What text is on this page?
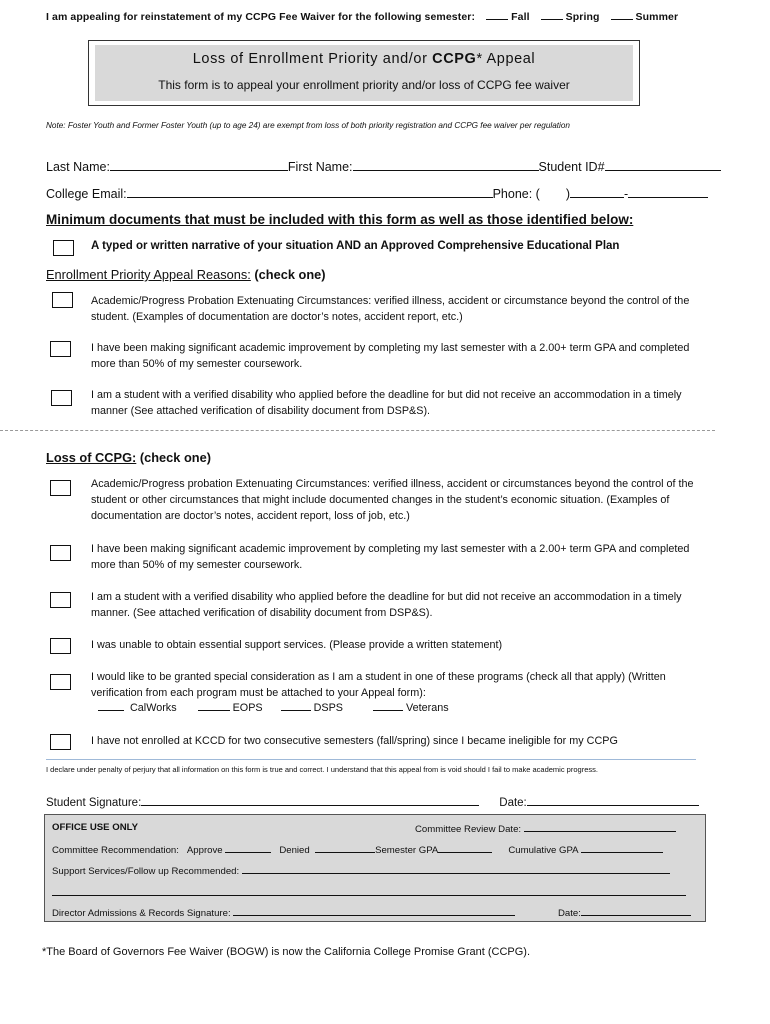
I am appealing for reinstatement of my CCPG Fee Waiver for the following semester:	Fall	Spring	Summer
Loss of Enrollment Priority and/or CCPG* Appeal
This form is to appeal your enrollment priority and/or loss of CCPG fee waiver
Note: Foster Youth and Former Foster Youth (up to age 24) are exempt from loss of both priority registration and CCPG fee waiver per regulation
Last Name:	First Name:	Student ID#
College Email:	Phone: ( )	-
Minimum documents that must be included with this form as well as those identified below:
A typed or written narrative of your situation AND an Approved Comprehensive Educational Plan
Enrollment Priority Appeal Reasons: (check one)
Academic/Progress Probation Extenuating Circumstances: verified illness, accident or circumstance beyond the control of the student. (Examples of documentation are doctor’s notes, accident report, etc.)
I have been making significant academic improvement by completing my last semester with a 2.00+ term GPA and completed more than 50% of my semester coursework.
I am a student with a verified disability who applied before the deadline for but did not receive an accommodation in a timely manner (See attached verification of disability document from DSP&S).
Loss of CCPG: (check one)
Academic/Progress probation Extenuating Circumstances: verified illness, accident or circumstances beyond the control of the student or other circumstances that might include documented changes in the student’s economic situation. (Examples of documentation are doctor’s notes, accident report, loss of job, etc.)
I have been making significant academic improvement by completing my last semester with a 2.00+ term GPA and completed more than 50% of my semester coursework.
I am a student with a verified disability who applied before the deadline for but did not receive an accommodation in a timely manner. (See attached verification of disability document from DSP&S).
I was unable to obtain essential support services. (Please provide a written statement)
I would like to be granted special consideration as I am a student in one of these programs (check all that apply) (Written verification from each program must be attached to your Appeal form):
CalWorks	EOPS	DSPS	Veterans
I have not enrolled at KCCD for two consecutive semesters (fall/spring) since I became ineligible for my CCPG
I declare under penalty of perjury that all information on this form is true and correct. I understand that this appeal from is void should I fail to make academic progress.
Student Signature:	Date:
OFFICE USE ONLY	Committee Review Date:
Committee Recommendation: Approve	Denied	Semester GPA	Cumulative GPA
Support Services/Follow up Recommended:
Director Admissions & Records Signature:	Date:
*The Board of Governors Fee Waiver (BOGW) is now the California College Promise Grant (CCPG).
